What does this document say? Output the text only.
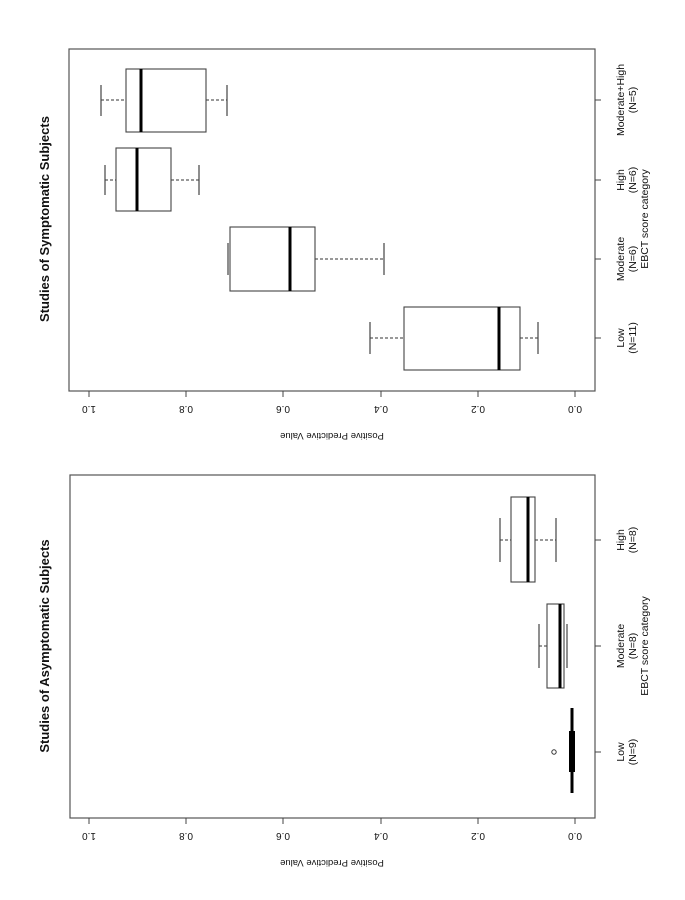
Studies of Symptomatic Subjects
0.0
0.2
0.4
0.6
0.8
1.0
Positive Predictive Value
Low (N=11)
Moderate (N=6)
High (N=6)
Moderate+High (N=5)
EBCT score category
Studies of Asymptomatic Subjects
0.0
0.2
0.4
0.6
0.8
1.0
Positive Predictive Value
Low (N=9)
Moderate (N=8)
High (N=8)
EBCT score category
